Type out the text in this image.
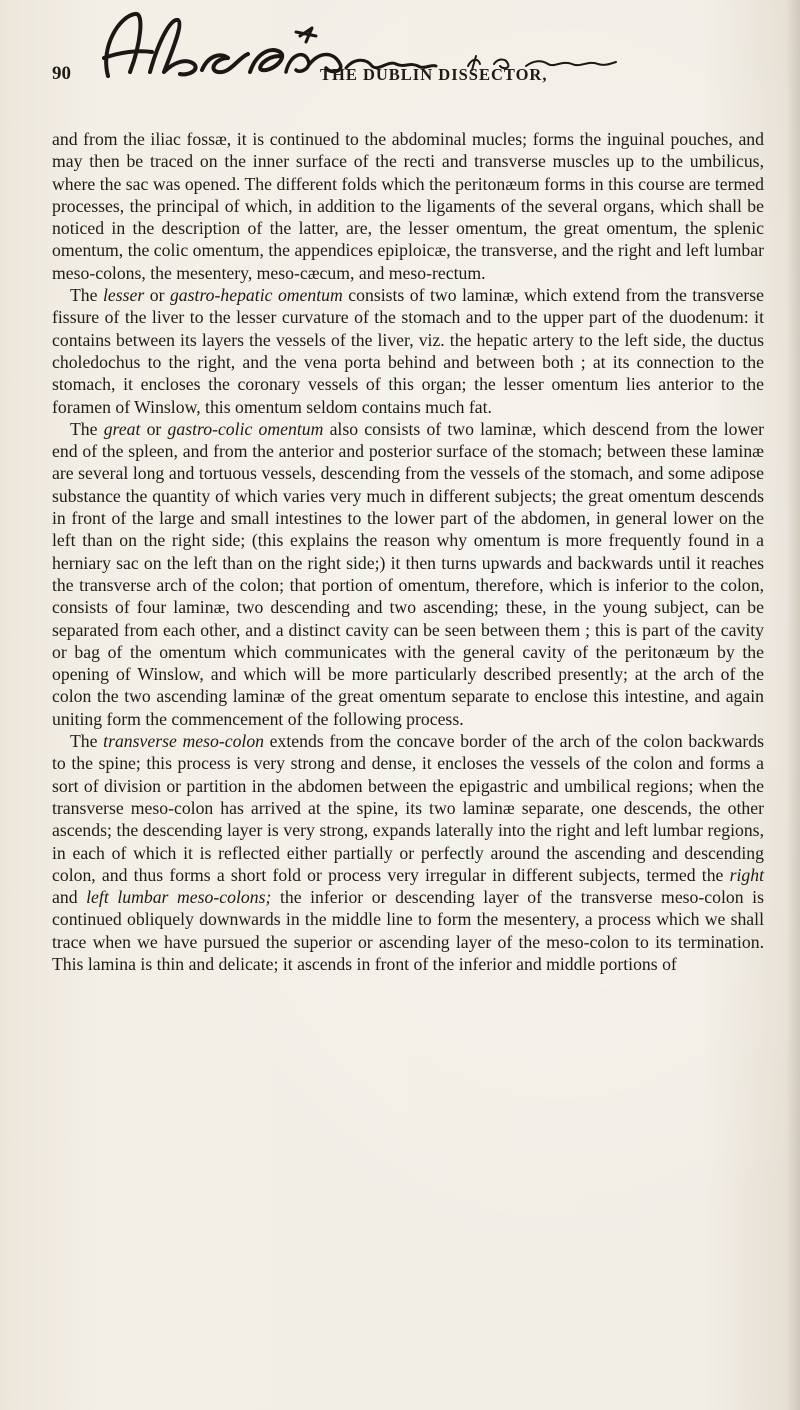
90	THE DUBLIN DISSECTOR,

and from the iliac fossæ, it is continued to the abdominal mucles; forms the inguinal pouches, and may then be traced on the inner surface of the recti and transverse muscles up to the umbilicus, where the sac was opened. The different folds which the peritonæum forms in this course are termed processes, the principal of which, in addition to the ligaments of the several organs, which shall be noticed in the description of the latter, are, the lesser omentum, the great omentum, the splenic omentum, the colic omentum, the appendices epiploicæ, the transverse, and the right and left lumbar meso-colons, the mesentery, meso-cæcum, and meso-rectum.

The lesser or gastro-hepatic omentum consists of two laminæ, which extend from the transverse fissure of the liver to the lesser curvature of the stomach and to the upper part of the duodenum: it contains between its layers the vessels of the liver, viz. the hepatic artery to the left side, the ductus choledochus to the right, and the vena porta behind and between both ; at its connection to the stomach, it encloses the coronary vessels of this organ; the lesser omentum lies anterior to the foramen of Winslow, this omentum seldom contains much fat.

The great or gastro-colic omentum also consists of two laminæ, which descend from the lower end of the spleen, and from the anterior and posterior surface of the stomach; between these laminæ are several long and tortuous vessels, descending from the vessels of the stomach, and some adipose substance the quantity of which varies very much in different subjects; the great omentum descends in front of the large and small intestines to the lower part of the abdomen, in general lower on the left than on the right side; (this explains the reason why omentum is more frequently found in a herniary sac on the left than on the right side;) it then turns upwards and backwards until it reaches the transverse arch of the colon; that portion of omentum, therefore, which is inferior to the colon, consists of four laminæ, two descending and two ascending; these, in the young subject, can be separated from each other, and a distinct cavity can be seen between them ; this is part of the cavity or bag of the omentum which communicates with the general cavity of the peritonæum by the opening of Winslow, and which will be more particularly described presently; at the arch of the colon the two ascending laminæ of the great omentum separate to enclose this intestine, and again uniting form the commencement of the following process.

The transverse meso-colon extends from the concave border of the arch of the colon backwards to the spine; this process is very strong and dense, it encloses the vessels of the colon and forms a sort of division or partition in the abdomen between the epigastric and umbilical regions; when the transverse meso-colon has arrived at the spine, its two laminæ separate, one descends, the other ascends; the descending layer is very strong, expands laterally into the right and left lumbar regions, in each of which it is reflected either partially or perfectly around the ascending and descending colon, and thus forms a short fold or process very irregular in different subjects, termed the right and left lumbar meso-colons; the inferior or descending layer of the transverse meso-colon is continued obliquely downwards in the middle line to form the mesentery, a process which we shall trace when we have pursued the superior or ascending layer of the meso-colon to its termination. This lamina is thin and delicate; it ascends in front of the inferior and middle portions of
